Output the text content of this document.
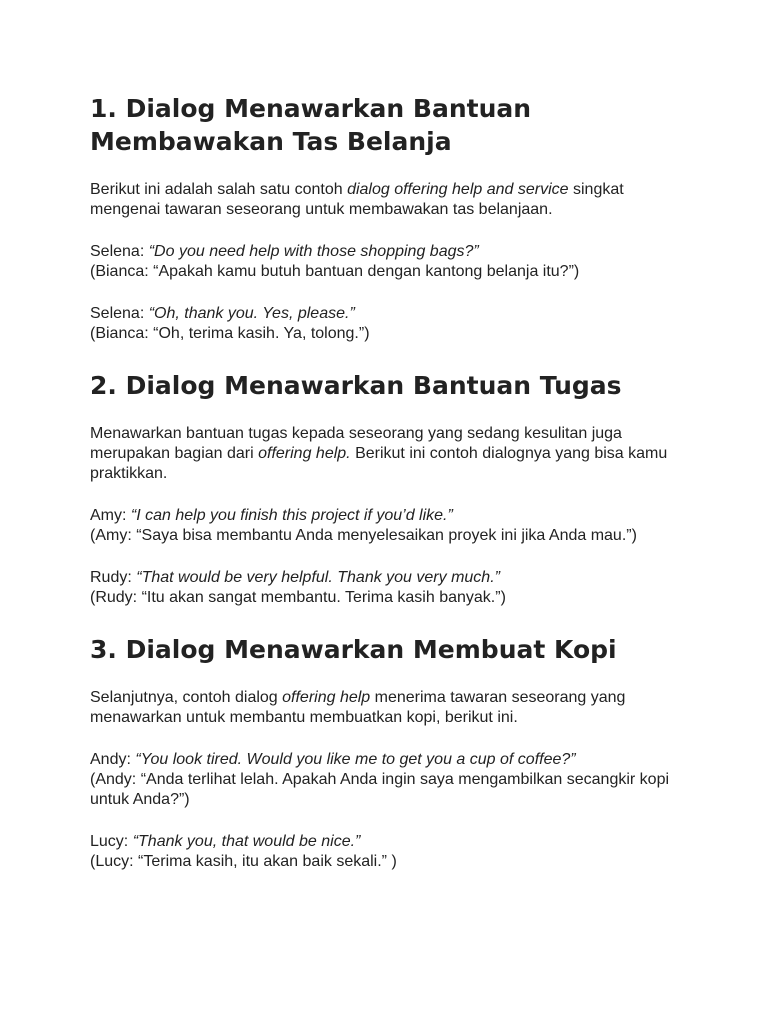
1. Dialog Menawarkan Bantuan Membawakan Tas Belanja

Berikut ini adalah salah satu contoh dialog offering help and service singkat mengenai tawaran seseorang untuk membawakan tas belanjaan.

Selena: “Do you need help with those shopping bags?”

(Bianca: “Apakah kamu butuh bantuan dengan kantong belanja itu?”)

Selena: “Oh, thank you. Yes, please.”

(Bianca: “Oh, terima kasih. Ya, tolong.”)

2. Dialog Menawarkan Bantuan Tugas

Menawarkan bantuan tugas kepada seseorang yang sedang kesulitan juga merupakan bagian dari offering help. Berikut ini contoh dialognya yang bisa kamu praktikkan.

Amy: “I can help you finish this project if you’d like.”

(Amy: “Saya bisa membantu Anda menyelesaikan proyek ini jika Anda mau.”)

Rudy: “That would be very helpful. Thank you very much.”

(Rudy: “Itu akan sangat membantu. Terima kasih banyak.”)

3. Dialog Menawarkan Membuat Kopi

Selanjutnya, contoh dialog offering help menerima tawaran seseorang yang menawarkan untuk membantu membuatkan kopi, berikut ini.

Andy: “You look tired. Would you like me to get you a cup of coffee?”

(Andy: “Anda terlihat lelah. Apakah Anda ingin saya mengambilkan secangkir kopi untuk Anda?”)

Lucy: “Thank you, that would be nice.”

(Lucy: “Terima kasih, itu akan baik sekali.” )
